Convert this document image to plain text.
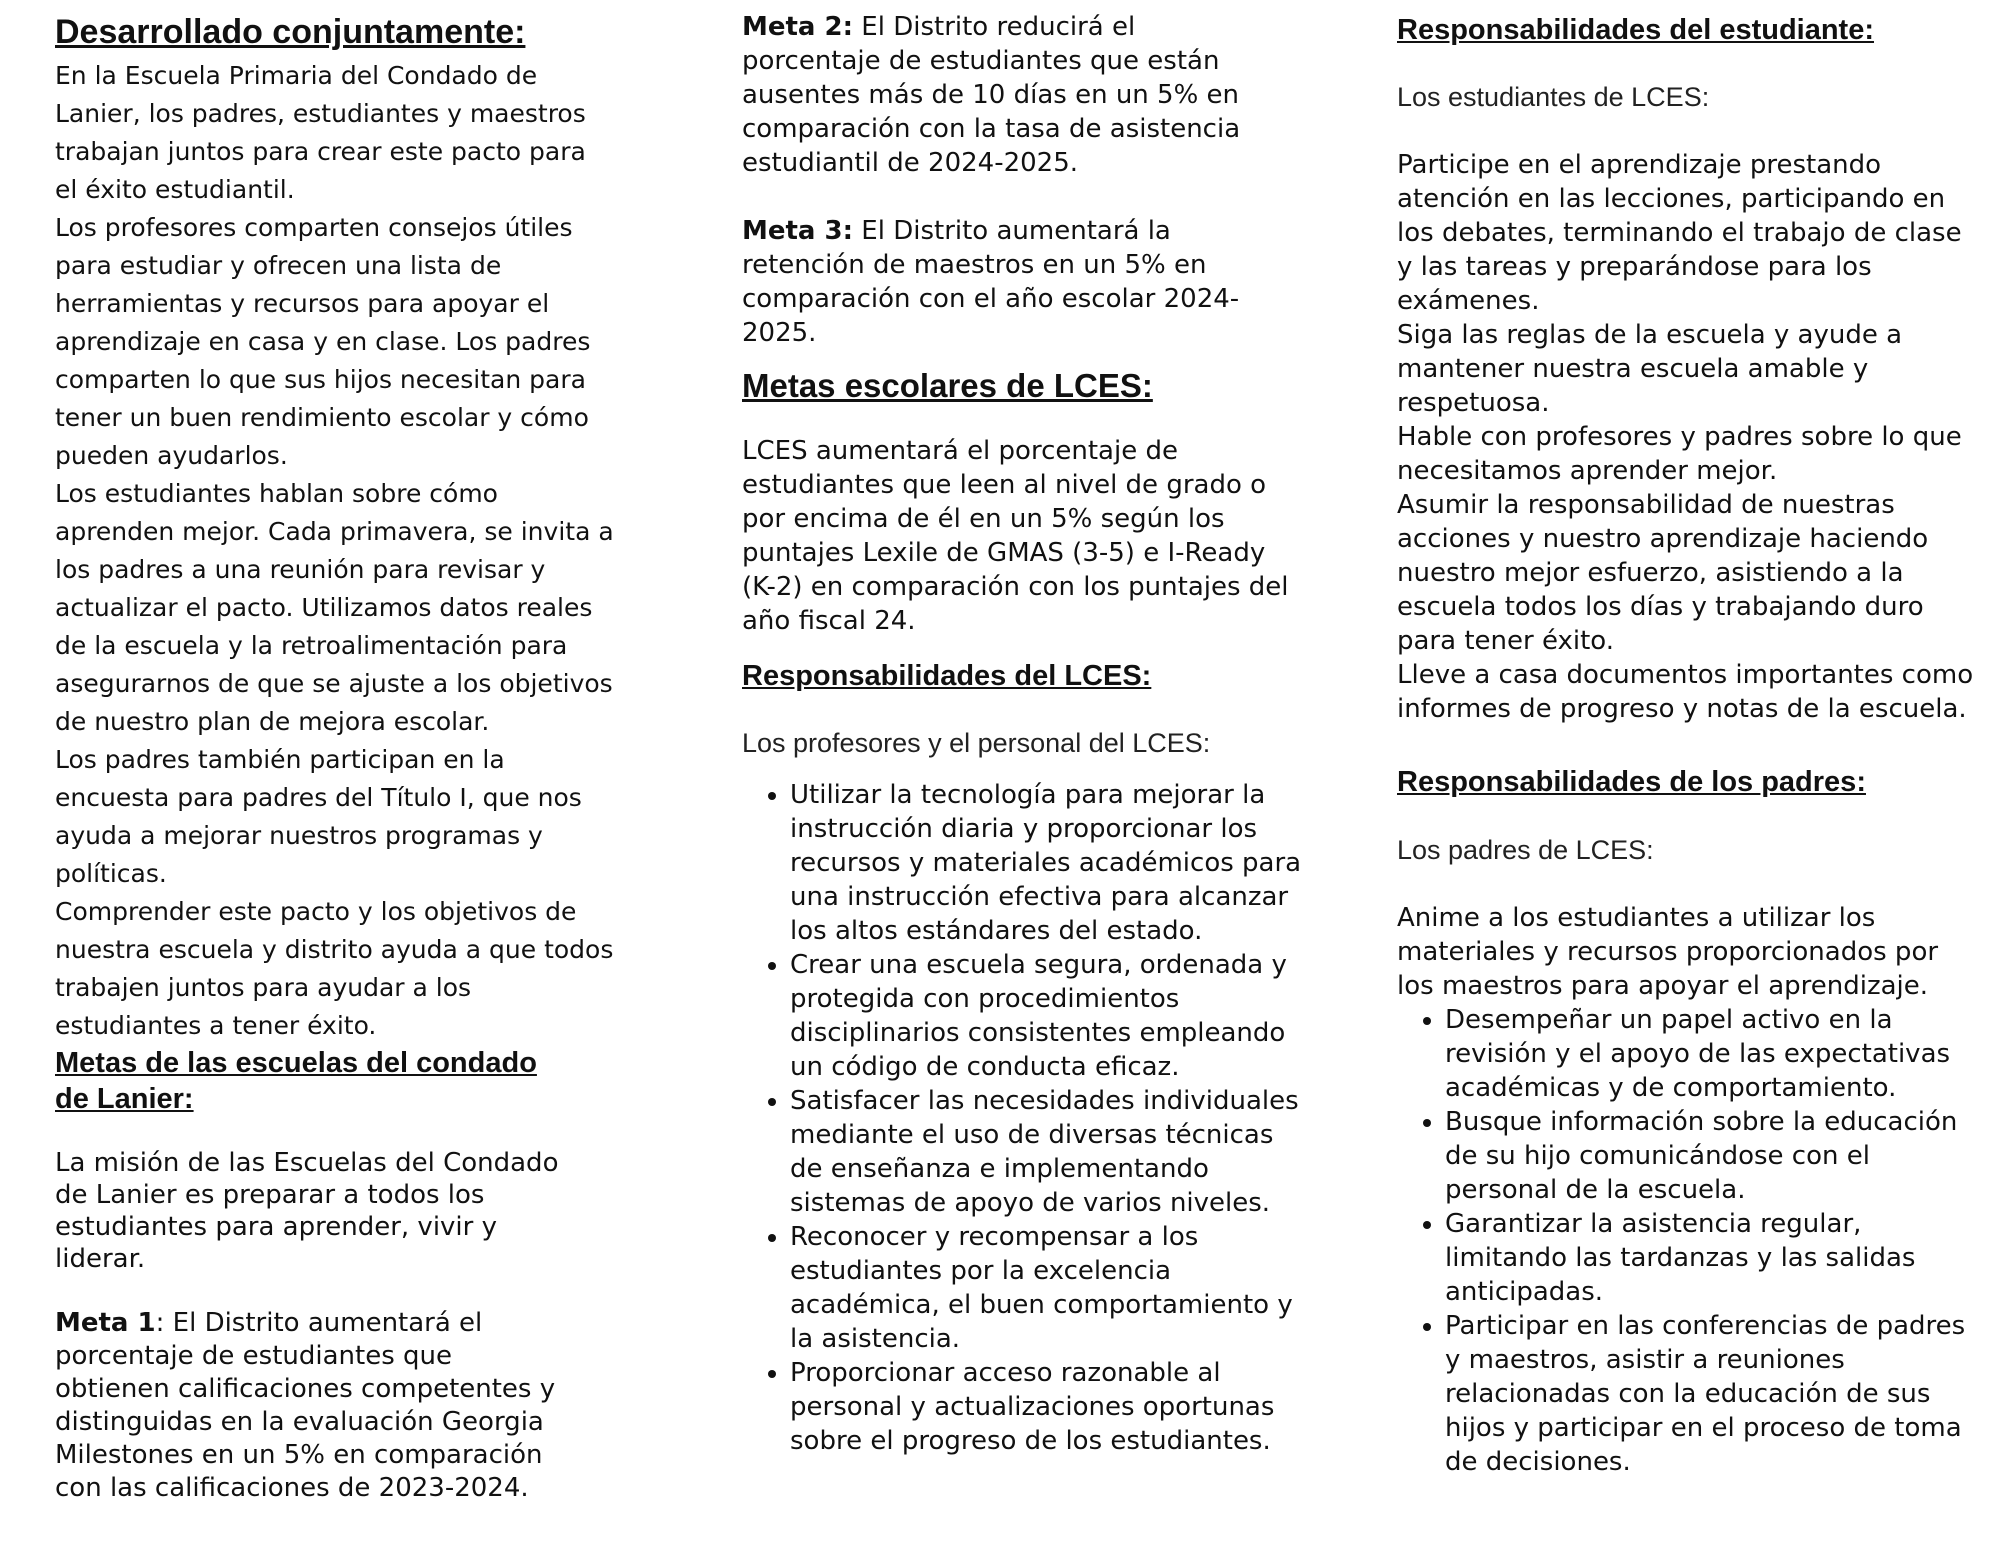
Desarrollado conjuntamente:

En la Escuela Primaria del Condado de Lanier, los padres, estudiantes y maestros trabajan juntos para crear este pacto para el éxito estudiantil.

Los profesores comparten consejos útiles para estudiar y ofrecen una lista de herramientas y recursos para apoyar el aprendizaje en casa y en clase. Los padres comparten lo que sus hijos necesitan para tener un buen rendimiento escolar y cómo pueden ayudarlos.

Los estudiantes hablan sobre cómo aprenden mejor. Cada primavera, se invita a los padres a una reunión para revisar y actualizar el pacto. Utilizamos datos reales de la escuela y la retroalimentación para asegurarnos de que se ajuste a los objetivos de nuestro plan de mejora escolar.

Los padres también participan en la encuesta para padres del Título I, que nos ayuda a mejorar nuestros programas y políticas.

Comprender este pacto y los objetivos de nuestra escuela y distrito ayuda a que todos trabajen juntos para ayudar a los estudiantes a tener éxito.

Metas de las escuelas del condado de Lanier:

La misión de las Escuelas del Condado de Lanier es preparar a todos los estudiantes para aprender, vivir y liderar.

Meta 1: El Distrito aumentará el porcentaje de estudiantes que obtienen calificaciones competentes y distinguidas en la evaluación Georgia Milestones en un 5% en comparación con las calificaciones de 2023-2024.

Meta 2: El Distrito reducirá el porcentaje de estudiantes que están ausentes más de 10 días en un 5% en comparación con la tasa de asistencia estudiantil de 2024-2025.

Meta 3: El Distrito aumentará la retención de maestros en un 5% en comparación con el año escolar 2024-2025.

Metas escolares de LCES:

LCES aumentará el porcentaje de estudiantes que leen al nivel de grado o por encima de él en un 5% según los puntajes Lexile de GMAS (3-5) e I-Ready (K-2) en comparación con los puntajes del año fiscal 24.

Responsabilidades del LCES:

Los profesores y el personal del LCES:

• Utilizar la tecnología para mejorar la instrucción diaria y proporcionar los recursos y materiales académicos para una instrucción efectiva para alcanzar los altos estándares del estado.
• Crear una escuela segura, ordenada y protegida con procedimientos disciplinarios consistentes empleando un código de conducta eficaz.
• Satisfacer las necesidades individuales mediante el uso de diversas técnicas de enseñanza e implementando sistemas de apoyo de varios niveles.
• Reconocer y recompensar a los estudiantes por la excelencia académica, el buen comportamiento y la asistencia.
• Proporcionar acceso razonable al personal y actualizaciones oportunas sobre el progreso de los estudiantes.
Responsabilidades del estudiante:

Los estudiantes de LCES:

Participe en el aprendizaje prestando atención en las lecciones, participando en los debates, terminando el trabajo de clase y las tareas y preparándose para los exámenes.

Siga las reglas de la escuela y ayude a mantener nuestra escuela amable y respetuosa.

Hable con profesores y padres sobre lo que necesitamos aprender mejor.

Asumir la responsabilidad de nuestras acciones y nuestro aprendizaje haciendo nuestro mejor esfuerzo, asistiendo a la escuela todos los días y trabajando duro para tener éxito.

Lleve a casa documentos importantes como informes de progreso y notas de la escuela.

Responsabilidades de los padres:

Los padres de LCES:

Anime a los estudiantes a utilizar los materiales y recursos proporcionados por los maestros para apoyar el aprendizaje.

• Desempeñar un papel activo en la revisión y el apoyo de las expectativas académicas y de comportamiento.
• Busque información sobre la educación de su hijo comunicándose con el personal de la escuela.
• Garantizar la asistencia regular, limitando las tardanzas y las salidas anticipadas.
• Participar en las conferencias de padres y maestros, asistir a reuniones relacionadas con la educación de sus hijos y participar en el proceso de toma de decisiones.
